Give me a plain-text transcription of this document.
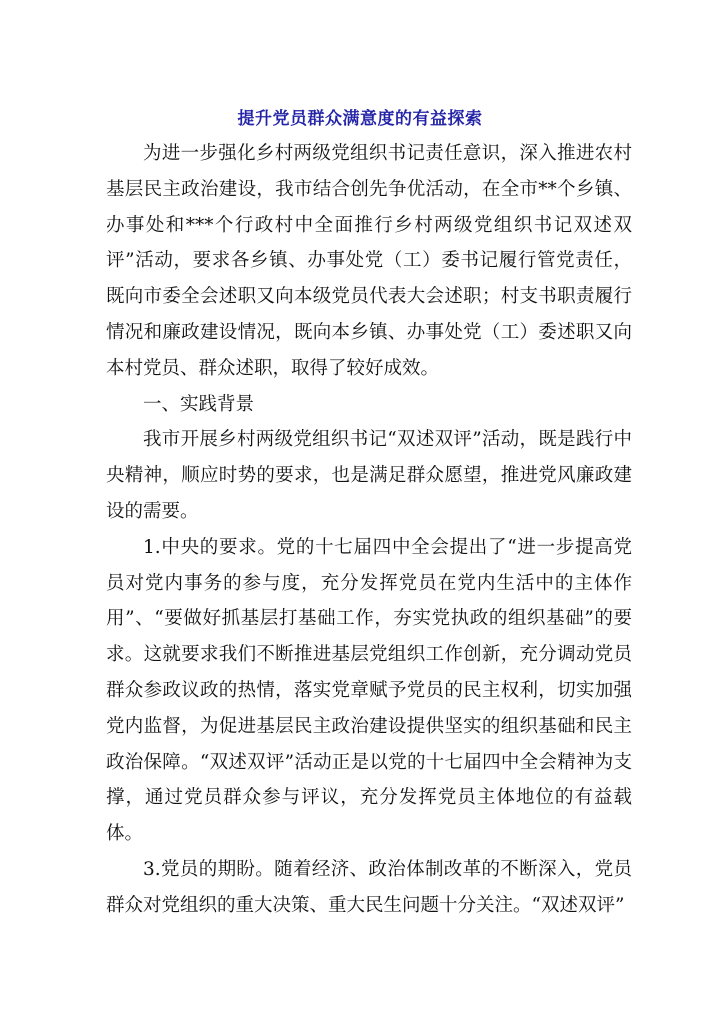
提升党员群众满意度的有益探索

为进一步强化乡村两级党组织书记责任意识，深入推进农村基层民主政治建设，我市结合创先争优活动，在全市**个乡镇、办事处和***个行政村中全面推行乡村两级党组织书记双述双评”活动，要求各乡镇、办事处党（工）委书记履行管党责任，既向市委全会述职又向本级党员代表大会述职；村支书职责履行情况和廉政建设情况，既向本乡镇、办事处党（工）委述职又向本村党员、群众述职，取得了较好成效。

一、实践背景

我市开展乡村两级党组织书记“双述双评”活动，既是践行中央精神，顺应时势的要求，也是满足群众愿望，推进党风廉政建设的需要。

1.中央的要求。党的十七届四中全会提出了“进一步提高党员对党内事务的参与度，充分发挥党员在党内生活中的主体作用”、“要做好抓基层打基础工作，夯实党执政的组织基础”的要求。这就要求我们不断推进基层党组织工作创新，充分调动党员群众参政议政的热情，落实党章赋予党员的民主权利，切实加强党内监督，为促进基层民主政治建设提供坚实的组织基础和民主政治保障。“双述双评”活动正是以党的十七届四中全会精神为支撑，通过党员群众参与评议，充分发挥党员主体地位的有益载体。

3.党员的期盼。随着经济、政治体制改革的不断深入，党员群众对党组织的重大决策、重大民生问题十分关注。“双述双评”
